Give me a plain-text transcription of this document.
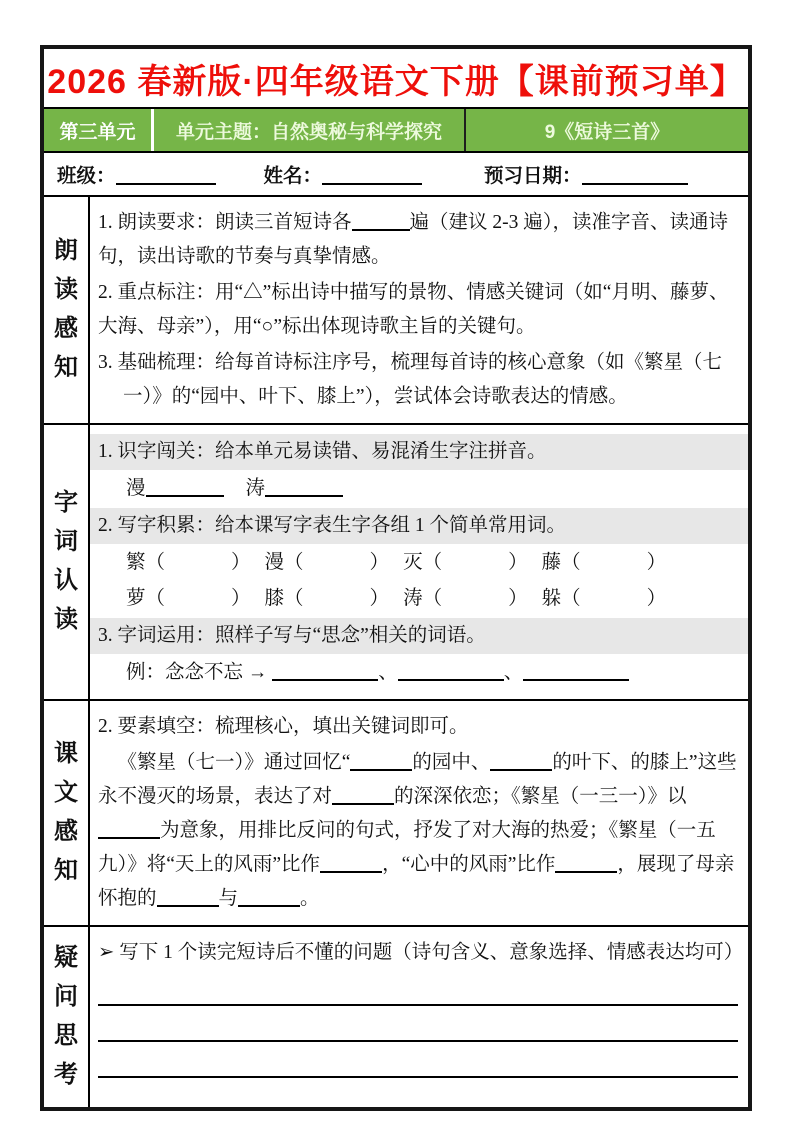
2026 春新版·四年级语文下册【课前预习单】
第三单元	单元主题：自然奥秘与科学探究	9《短诗三首》
班级：	姓名：	预习日期：
朗读感知
1. 朗读要求：朗读三首短诗各	遍（建议 2-3 遍），读准字音、读通诗句，读出诗歌的节奏与真挚情感。
2. 重点标注：用“△”标出诗中描写的景物、情感关键词（如“月明、藤萝、大海、母亲”），用“○”标出体现诗歌主旨的关键句。
3. 基础梳理：给每首诗标注序号，梳理每首诗的核心意象（如《繁星（七一）》的“园中、叶下、膝上”），尝试体会诗歌表达的情感。
字词认读
1. 识字闯关：给本单元易读错、易混淆生字注拼音。
漫	涛
2. 写字积累：给本课写字表生字各组 1 个简单常用词。
繁（	） 漫（	） 灭（	） 藤（	）
萝（	） 膝（	） 涛（	） 躲（	）
3. 字词运用：照样子写与“思念”相关的词语。
例：念念不忘 →	、	、
课文感知
2. 要素填空：梳理核心，填出关键词即可。
《繁星（七一）》通过回忆“	的园中、	的叶下、的膝上”这些永不漫灭的场景，表达了对	的深深依恋；《繁星（一三一）》以为意象，用排比反问的句式，抒发了对大海的热爱；《繁星（一五九）》将“天上的风雨”比作	，“心中的风雨”比作	，展现了母亲怀抱的	与	。
疑问思考
➢ 写下 1 个读完短诗后不懂的问题（诗句含义、意象选择、情感表达均可）
